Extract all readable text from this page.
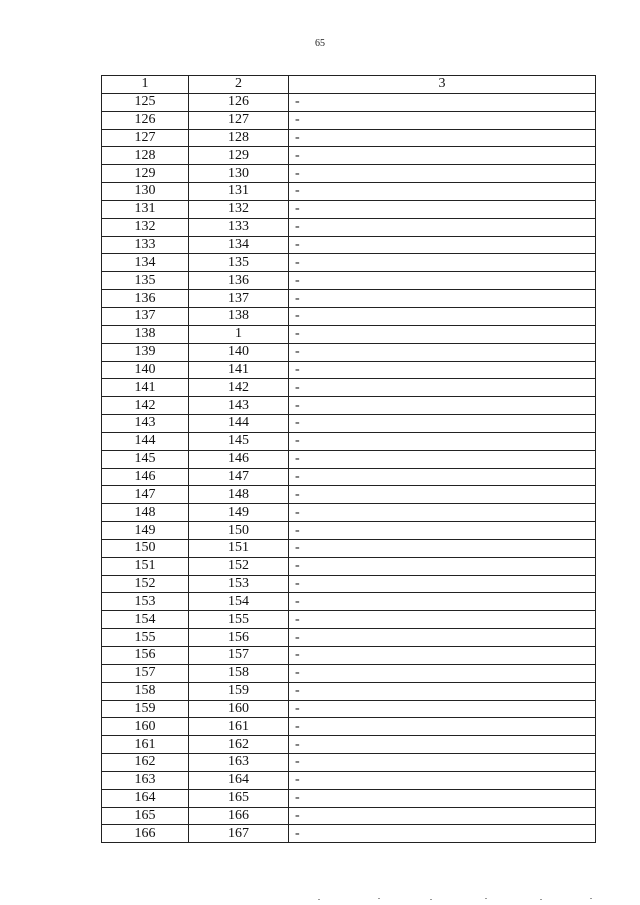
65
1	2	3
125	126	-
126	127	-
127	128	-
128	129	-
129	130	-
130	131	-
131	132	-
132	133	-
133	134	-
134	135	-
135	136	-
136	137	-
137	138	-
138	1	-
139	140	-
140	141	-
141	142	-
142	143	-
143	144	-
144	145	-
145	146	-
146	147	-
147	148	-
148	149	-
149	150	-
150	151	-
151	152	-
152	153	-
153	154	-
154	155	-
155	156	-
156	157	-
157	158	-
158	159	-
159	160	-
160	161	-
161	162	-
162	163	-
163	164	-
164	165	-
165	166	-
166	167	-
